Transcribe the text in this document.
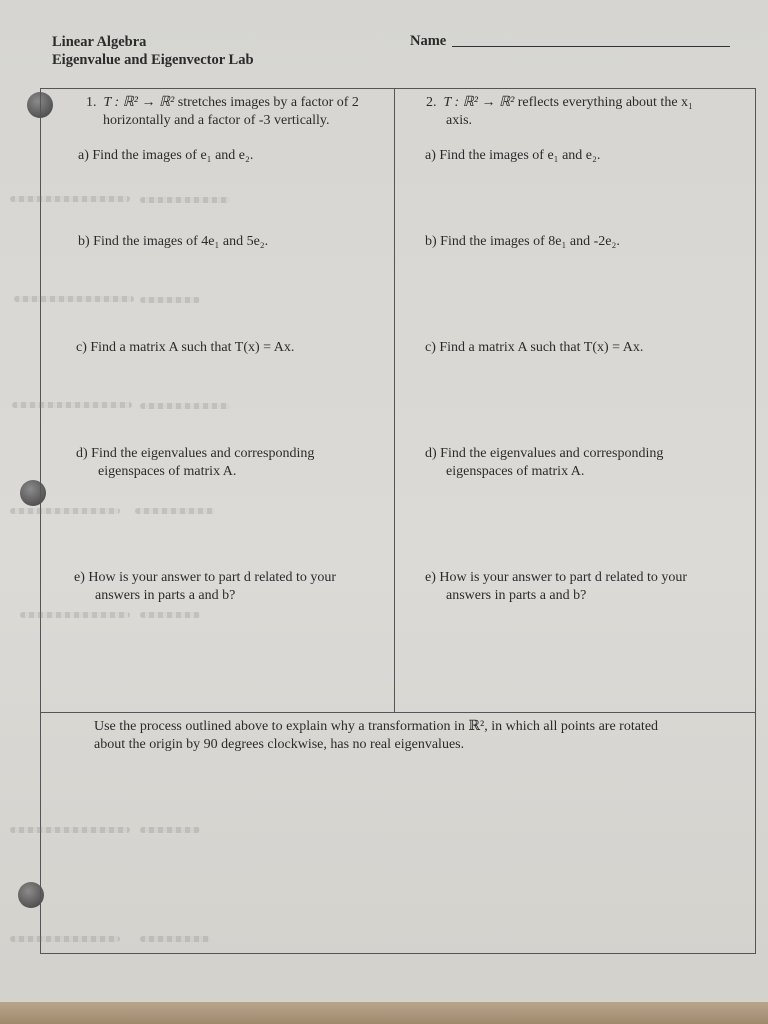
Linear Algebra
Eigenvalue and Eigenvector Lab
Name
1. T : ℝ² → ℝ² stretches images by a factor of 2
horizontally and a factor of -3 vertically.
a) Find the images of e₁ and e₂.
b) Find the images of 4e₁ and 5e₂.
c) Find a matrix A such that T(x) = Ax.
d) Find the eigenvalues and corresponding
eigenspaces of matrix A.
e) How is your answer to part d related to your
answers in parts a and b?
2. T : ℝ² → ℝ² reflects everything about the x₁
axis.
a) Find the images of e₁ and e₂.
b) Find the images of 8e₁ and -2e₂.
c) Find a matrix A such that T(x) = Ax.
d) Find the eigenvalues and corresponding
eigenspaces of matrix A.
e) How is your answer to part d related to your
answers in parts a and b?
Use the process outlined above to explain why a transformation in ℝ², in which all points are rotated
about the origin by 90 degrees clockwise, has no real eigenvalues.
